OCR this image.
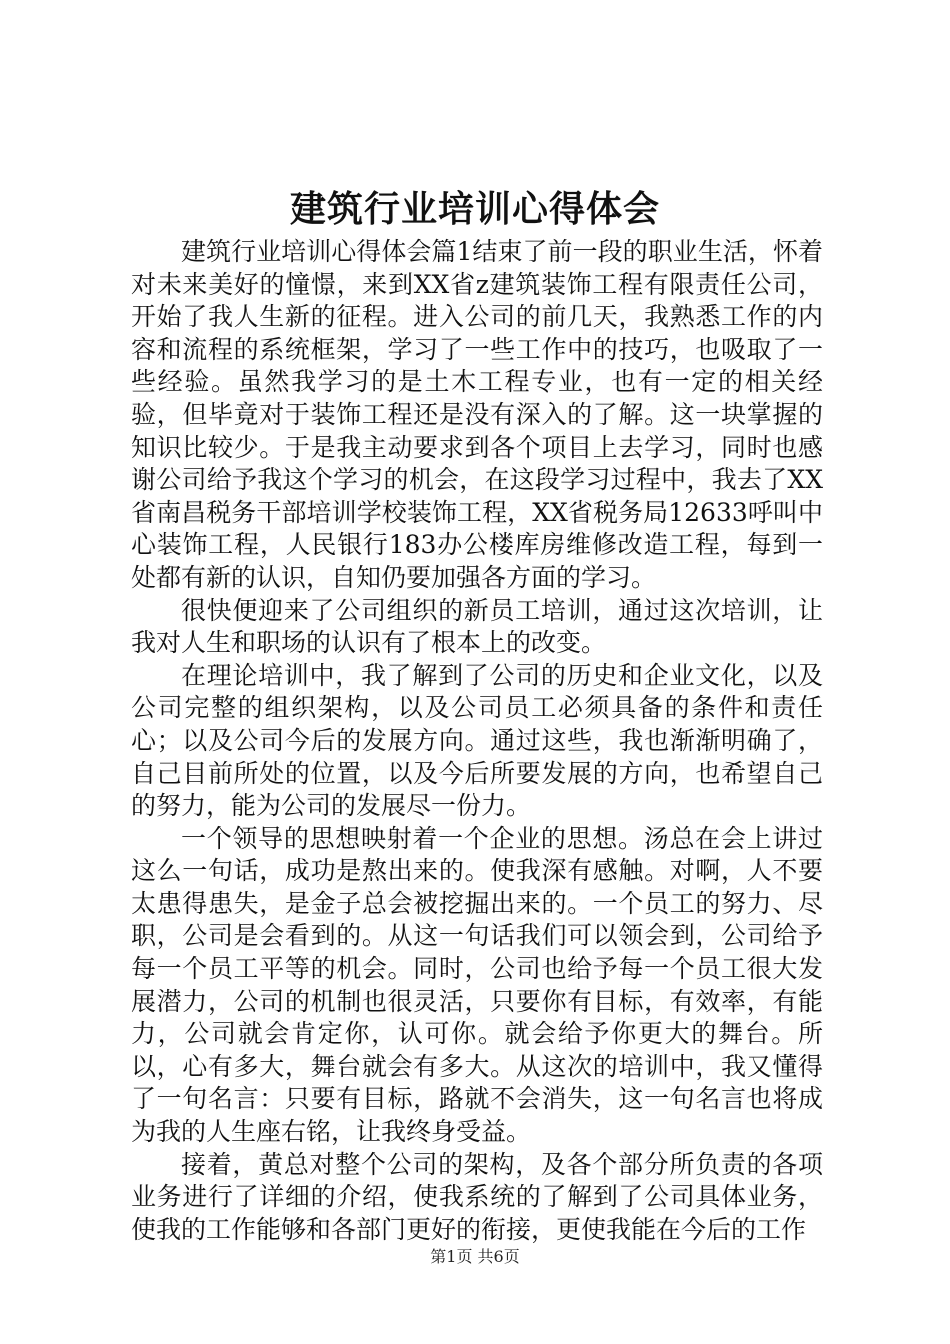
建筑行业培训心得体会

建筑行业培训心得体会篇1结束了前一段的职业生活，怀着对未来美好的憧憬，来到XX省z建筑装饰工程有限责任公司，开始了我人生新的征程。进入公司的前几天，我熟悉工作的内容和流程的系统框架，学习了一些工作中的技巧，也吸取了一些经验。虽然我学习的是土木工程专业，也有一定的相关经验，但毕竟对于装饰工程还是没有深入的了解。这一块掌握的知识比较少。于是我主动要求到各个项目上去学习，同时也感谢公司给予我这个学习的机会，在这段学习过程中，我去了XX省南昌税务干部培训学校装饰工程，XX省税务局12633呼叫中心装饰工程，人民银行183办公楼库房维修改造工程，每到一处都有新的认识，自知仍要加强各方面的学习。

很快便迎来了公司组织的新员工培训，通过这次培训，让我对人生和职场的认识有了根本上的改变。

在理论培训中，我了解到了公司的历史和企业文化，以及公司完整的组织架构，以及公司员工必须具备的条件和责任心；以及公司今后的发展方向。通过这些，我也渐渐明确了，自己目前所处的位置，以及今后所要发展的方向，也希望自己的努力，能为公司的发展尽一份力。

一个领导的思想映射着一个企业的思想。汤总在会上讲过这么一句话，成功是熬出来的。使我深有感触。对啊，人不要太患得患失，是金子总会被挖掘出来的。一个员工的努力、尽职，公司是会看到的。从这一句话我们可以领会到，公司给予每一个员工平等的机会。同时，公司也给予每一个员工很大发展潜力，公司的机制也很灵活，只要你有目标，有效率，有能力，公司就会肯定你，认可你。就会给予你更大的舞台。所以，心有多大，舞台就会有多大。从这次的培训中，我又懂得了一句名言：只要有目标，路就不会消失，这一句名言也将成为我的人生座右铭，让我终身受益。

接着，黄总对整个公司的架构，及各个部分所负责的各项业务进行了详细的介绍，使我系统的了解到了公司具体业务，使我的工作能够和各部门更好的衔接，更使我能在今后的工作

第1页 共6页
